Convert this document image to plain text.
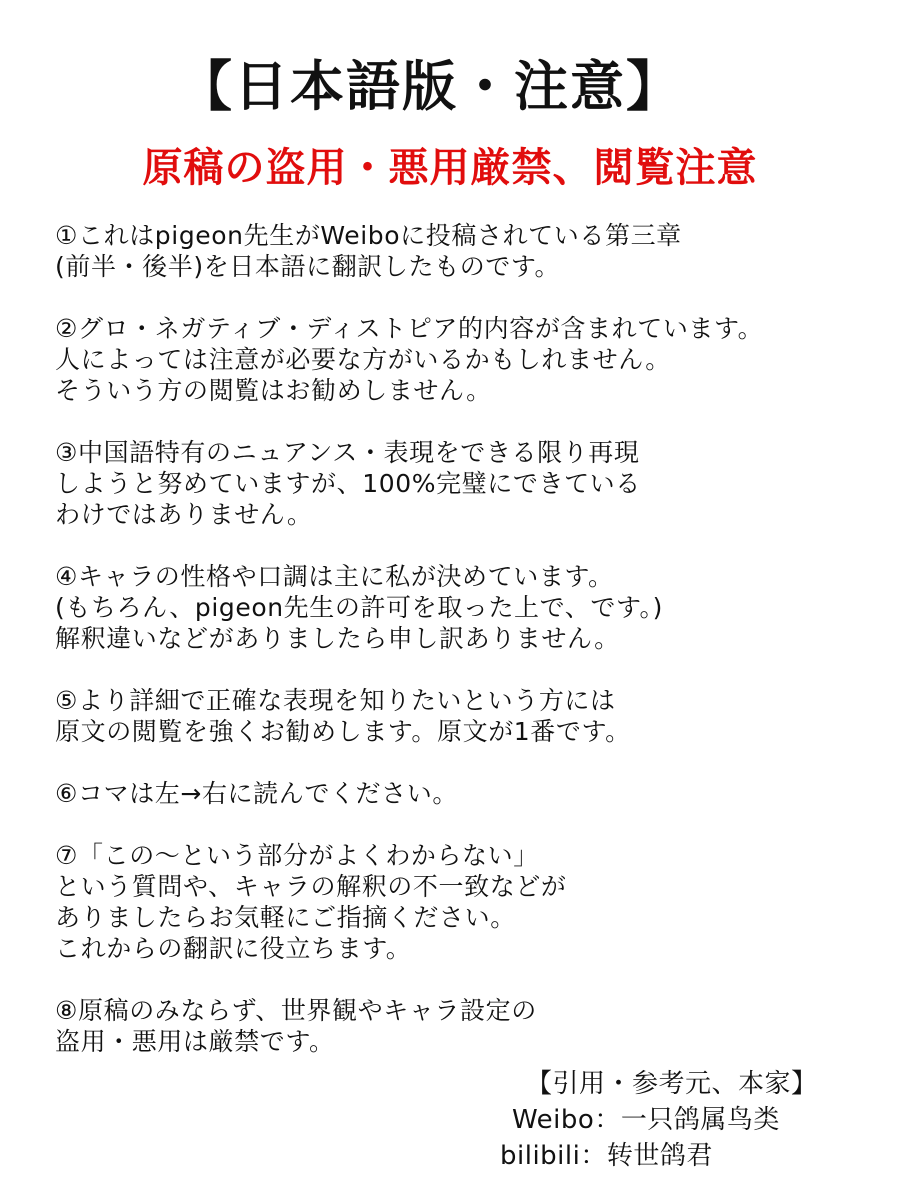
【日本語版・注意】
原稿の盗用・悪用厳禁、閲覧注意
①これはpigeon先生がWeiboに投稿されている第三章
(前半・後半)を日本語に翻訳したものです。
②グロ・ネガティブ・ディストピア的内容が含まれています。
人によっては注意が必要な方がいるかもしれません。
そういう方の閲覧はお勧めしません。
③中国語特有のニュアンス・表現をできる限り再現
しようと努めていますが、100%完璧にできている
わけではありません。
④キャラの性格や口調は主に私が決めています。
(もちろん、pigeon先生の許可を取った上で、です。)
解釈違いなどがありましたら申し訳ありません。
⑤より詳細で正確な表現を知りたいという方には
原文の閲覧を強くお勧めします。原文が1番です。
⑥コマは左→右に読んでください。
⑦「この～という部分がよくわからない」
という質問や、キャラの解釈の不一致などが
ありましたらお気軽にご指摘ください。
これからの翻訳に役立ちます。
⑧原稿のみならず、世界観やキャラ設定の
盗用・悪用は厳禁です。
【引用・参考元、本家】
Weibo：一只鸽属鸟类
bilibili：转世鸽君
